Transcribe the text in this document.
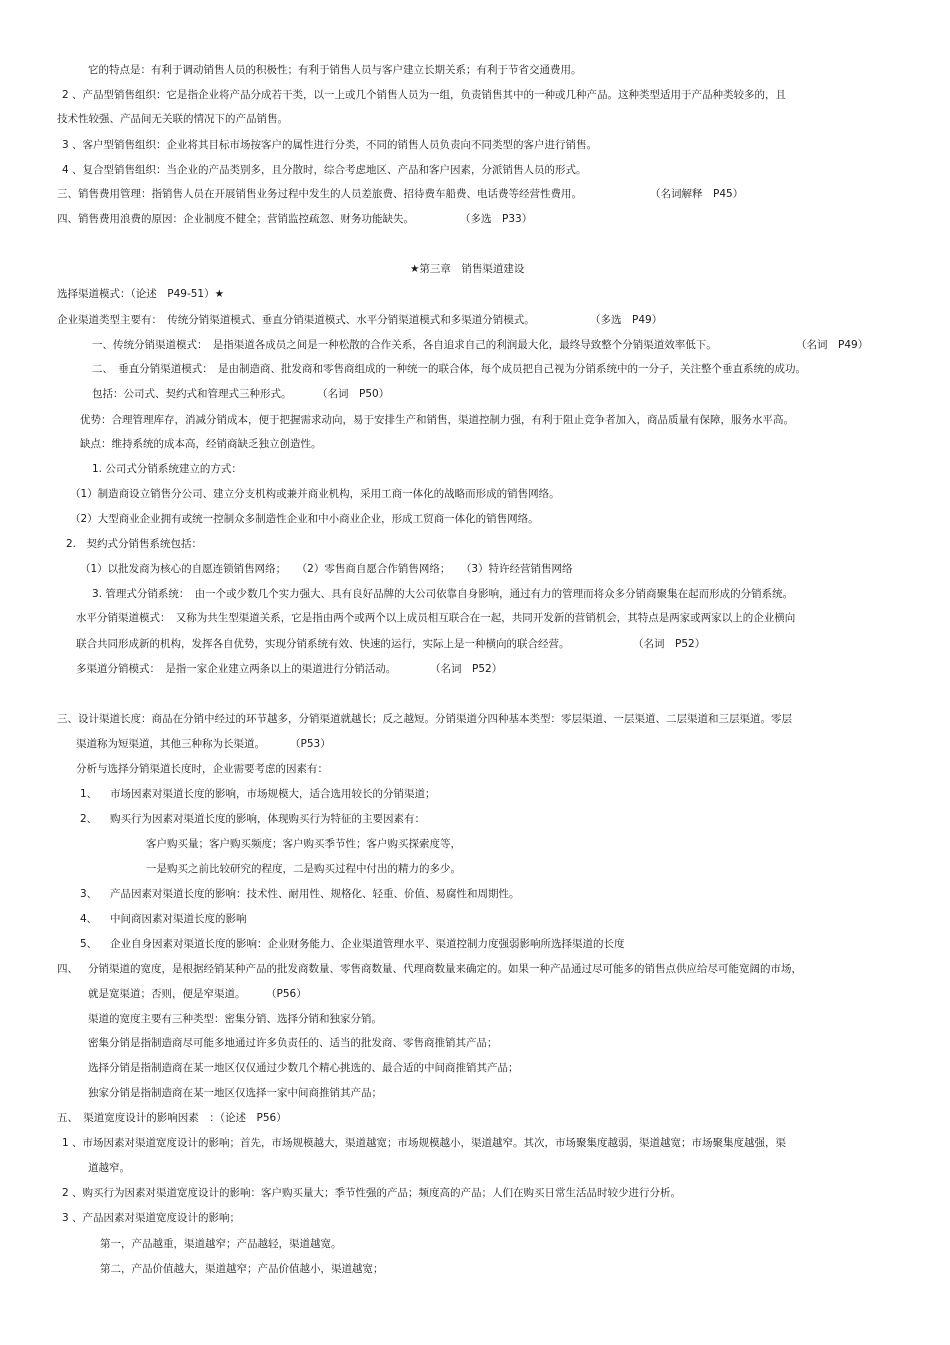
它的特点是：有利于调动销售人员的积极性；有利于销售人员与客户建立长期关系；有利于节省交通费用。
2 、产品型销售组织：它是指企业将产品分成若干类，以一上或几个销售人员为一组，负责销售其中的一种或几种产品。这种类型适用于产品种类较多的，且
技术性较强、产品间无关联的情况下的产品销售。
3 、客户型销售组织：企业将其目标市场按客户的属性进行分类，不同的销售人员负责向不同类型的客户进行销售。
4 、复合型销售组织：当企业的产品类别多，且分散时，综合考虑地区、产品和客户因素，分派销售人员的形式。
三、销售费用管理：指销售人员在开展销售业务过程中发生的人员差旅费、招待费车船费、电话费等经营性费用。	（名词解释　P45）
四、销售费用浪费的原因：企业制度不健全；营销监控疏忽、财务功能缺失。	（多选　P33）
★第三章　销售渠道建设
选择渠道模式：（论述　P49-51）★
企业渠道类型主要有：　传统分销渠道模式、垂直分销渠道模式、水平分销渠道模式和多渠道分销模式。	（多选　P49）
一、传统分销渠道模式：　是指渠道各成员之间是一种松散的合作关系，各自追求自己的利润最大化，最终导致整个分销渠道效率低下。	（名词　P49）
二、　垂直分销渠道模式：　是由制造商、批发商和零售商组成的一种统一的联合体，每个成员把自己视为分销系统中的一分子，关注整个垂直系统的成功。
包括：公司式、契约式和管理式三种形式。 （名词　P50）
优势：合理管理库存，消减分销成本，便于把握需求动向，易于安排生产和销售，渠道控制力强，有利于阻止竞争者加入，商品质量有保障，服务水平高。
缺点：维持系统的成本高，经销商缺乏独立创造性。
1. 公司式分销系统建立的方式：
（1）制造商设立销售分公司、建立分支机构或兼并商业机构，采用工商一体化的战略而形成的销售网络。
（2）大型商业企业拥有或统一控制众多制造性企业和中小商业企业，形成工贸商一体化的销售网络。
2.　契约式分销售系统包括：
（1）以批发商为核心的自愿连锁销售网络；　　（2）零售商自愿合作销售网络；　　（3）特许经营销售网络
3. 管理式分销系统：　由一个或少数几个实力强大、具有良好品牌的大公司依靠自身影响，通过有力的管理而将众多分销商聚集在起而形成的分销系统。
水平分销渠道模式：　又称为共生型渠道关系，它是指由两个或两个以上成员相互联合在一起，共同开发新的营销机会，其特点是两家或两家以上的企业横向
联合共同形成新的机构，发挥各自优势，实现分销系统有效、快速的运行，实际上是一种横向的联合经营。	（名词　P52）
多渠道分销模式：　是指一家企业建立两条以上的渠道进行分销活动。	（名词　P52）
三、设计渠道长度：商品在分销中经过的环节越多，分销渠道就越长；反之越短。分销渠道分四种基本类型：零层渠道、一层渠道、二层渠道和三层渠道。零层
渠道称为短渠道，其他三种称为长渠道。 （P53）
分析与选择分销渠道长度时，企业需要考虑的因素有：
1、 市场因素对渠道长度的影响，市场规模大，适合选用较长的分销渠道；
2、 购买行为因素对渠道长度的影响，体现购买行为特征的主要因素有：
客户购买量；客户购买频度；客户购买季节性；客户购买探索度等，
一是购买之前比较研究的程度，二是购买过程中付出的精力的多少。
3、 产品因素对渠道长度的影响：技术性、耐用性、规格化、轻重、价值、易腐性和周期性。
4、 中间商因素对渠道长度的影响
5、 企业自身因素对渠道长度的影响：企业财务能力、企业渠道管理水平、渠道控制力度强弱影响所选择渠道的长度
四、 分销渠道的宽度，是根据经销某种产品的批发商数量、零售商数量、代理商数量来确定的。如果一种产品通过尽可能多的销售点供应给尽可能宽阔的市场，
就是宽渠道；否则，便是窄渠道。 （P56）
渠道的宽度主要有三种类型：密集分销、选择分销和独家分销。
密集分销是指制造商尽可能多地通过许多负责任的、适当的批发商、零售商推销其产品；
选择分销是指制造商在某一地区仅仅通过少数几个精心挑选的、最合适的中间商推销其产品；
独家分销是指制造商在某一地区仅选择一家中间商推销其产品；
五、　渠道宽度设计的影响因素　：（论述　P56）
1 、市场因素对渠道宽度设计的影响；首先，市场规模越大，渠道越宽；市场规模越小，渠道越窄。其次，市场聚集度越弱，渠道越宽；市场聚集度越强，渠
道越窄。
2 、购买行为因素对渠道宽度设计的影响：客户购买量大；季节性强的产品；频度高的产品；人们在购买日常生活品时较少进行分析。
3 、产品因素对渠道宽度设计的影响；
第一，产品越重，渠道越窄；产品越轻，渠道越宽。
第二，产品价值越大，渠道越窄；产品价值越小，渠道越宽；
